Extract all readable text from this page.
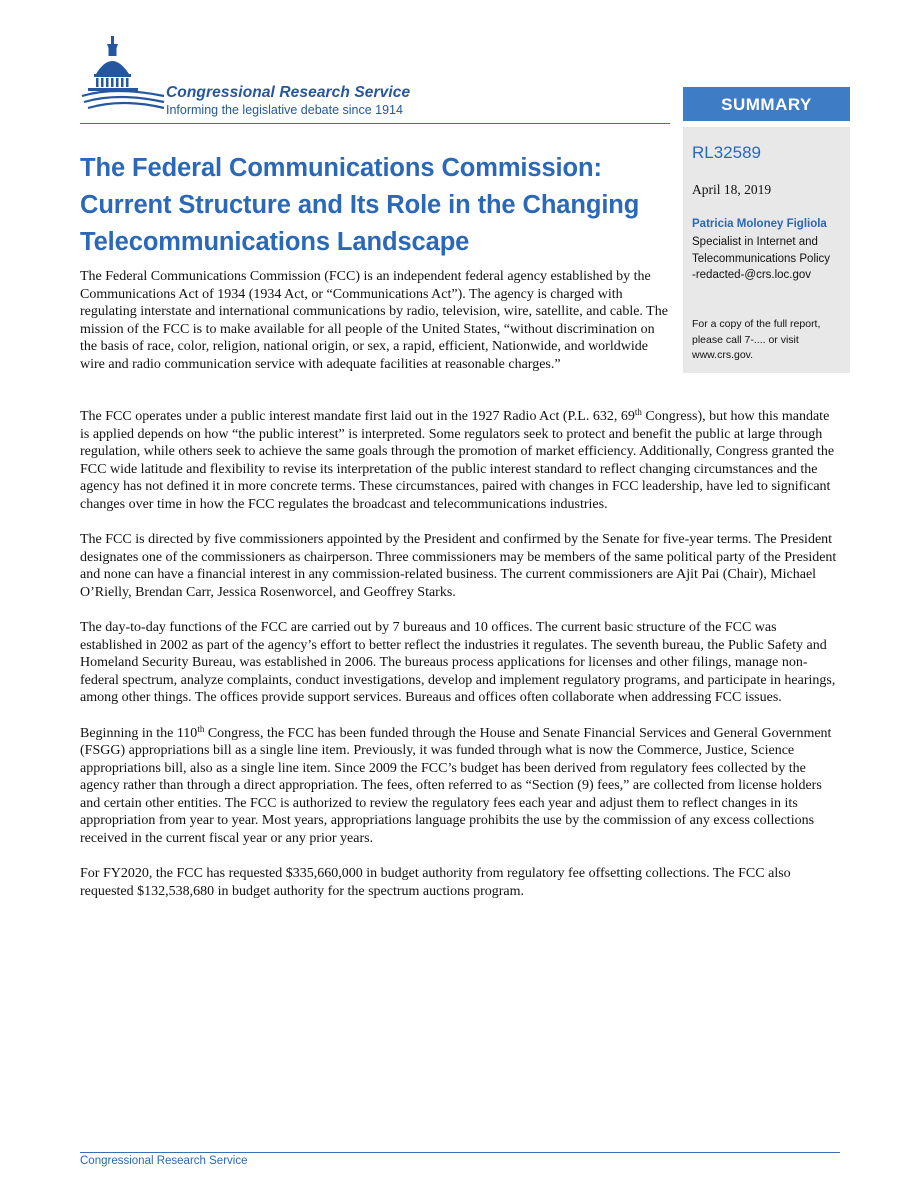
Congressional Research Service
Informing the legislative debate since 1914	SUMMARY
RL32589
April 18, 2019
Patricia Moloney Figliola
Specialist in Internet and Telecommunications Policy
-redacted-@crs.loc.gov
For a copy of the full report, please call 7-.... or visit www.crs.gov.
The Federal Communications Commission: Current Structure and Its Role in the Changing Telecommunications Landscape

The Federal Communications Commission (FCC) is an independent federal agency established by the Communications Act of 1934 (1934 Act, or “Communications Act”). The agency is charged with regulating interstate and international communications by radio, television, wire, satellite, and cable. The mission of the FCC is to make available for all people of the United States, “without discrimination on the basis of race, color, religion, national origin, or sex, a rapid, efficient, Nationwide, and worldwide wire and radio communication service with adequate facilities at reasonable charges.”

The FCC operates under a public interest mandate first laid out in the 1927 Radio Act (P.L. 632, 69th Congress), but how this mandate is applied depends on how “the public interest” is interpreted. Some regulators seek to protect and benefit the public at large through regulation, while others seek to achieve the same goals through the promotion of market efficiency. Additionally, Congress granted the FCC wide latitude and flexibility to revise its interpretation of the public interest standard to reflect changing circumstances and the agency has not defined it in more concrete terms. These circumstances, paired with changes in FCC leadership, have led to significant changes over time in how the FCC regulates the broadcast and telecommunications industries.

The FCC is directed by five commissioners appointed by the President and confirmed by the Senate for five-year terms. The President designates one of the commissioners as chairperson. Three commissioners may be members of the same political party of the President and none can have a financial interest in any commission-related business. The current commissioners are Ajit Pai (Chair), Michael O’Rielly, Brendan Carr, Jessica Rosenworcel, and Geoffrey Starks.

The day-to-day functions of the FCC are carried out by 7 bureaus and 10 offices. The current basic structure of the FCC was established in 2002 as part of the agency’s effort to better reflect the industries it regulates. The seventh bureau, the Public Safety and Homeland Security Bureau, was established in 2006. The bureaus process applications for licenses and other filings, manage non-federal spectrum, analyze complaints, conduct investigations, develop and implement regulatory programs, and participate in hearings, among other things. The offices provide support services. Bureaus and offices often collaborate when addressing FCC issues.

Beginning in the 110th Congress, the FCC has been funded through the House and Senate Financial Services and General Government (FSGG) appropriations bill as a single line item. Previously, it was funded through what is now the Commerce, Justice, Science appropriations bill, also as a single line item. Since 2009 the FCC’s budget has been derived from regulatory fees collected by the agency rather than through a direct appropriation. The fees, often referred to as “Section (9) fees,” are collected from license holders and certain other entities. The FCC is authorized to review the regulatory fees each year and adjust them to reflect changes in its appropriation from year to year. Most years, appropriations language prohibits the use by the commission of any excess collections received in the current fiscal year or any prior years.

For FY2020, the FCC has requested $335,660,000 in budget authority from regulatory fee offsetting collections. The FCC also requested $132,538,680 in budget authority for the spectrum auctions program.

Congressional Research Service
